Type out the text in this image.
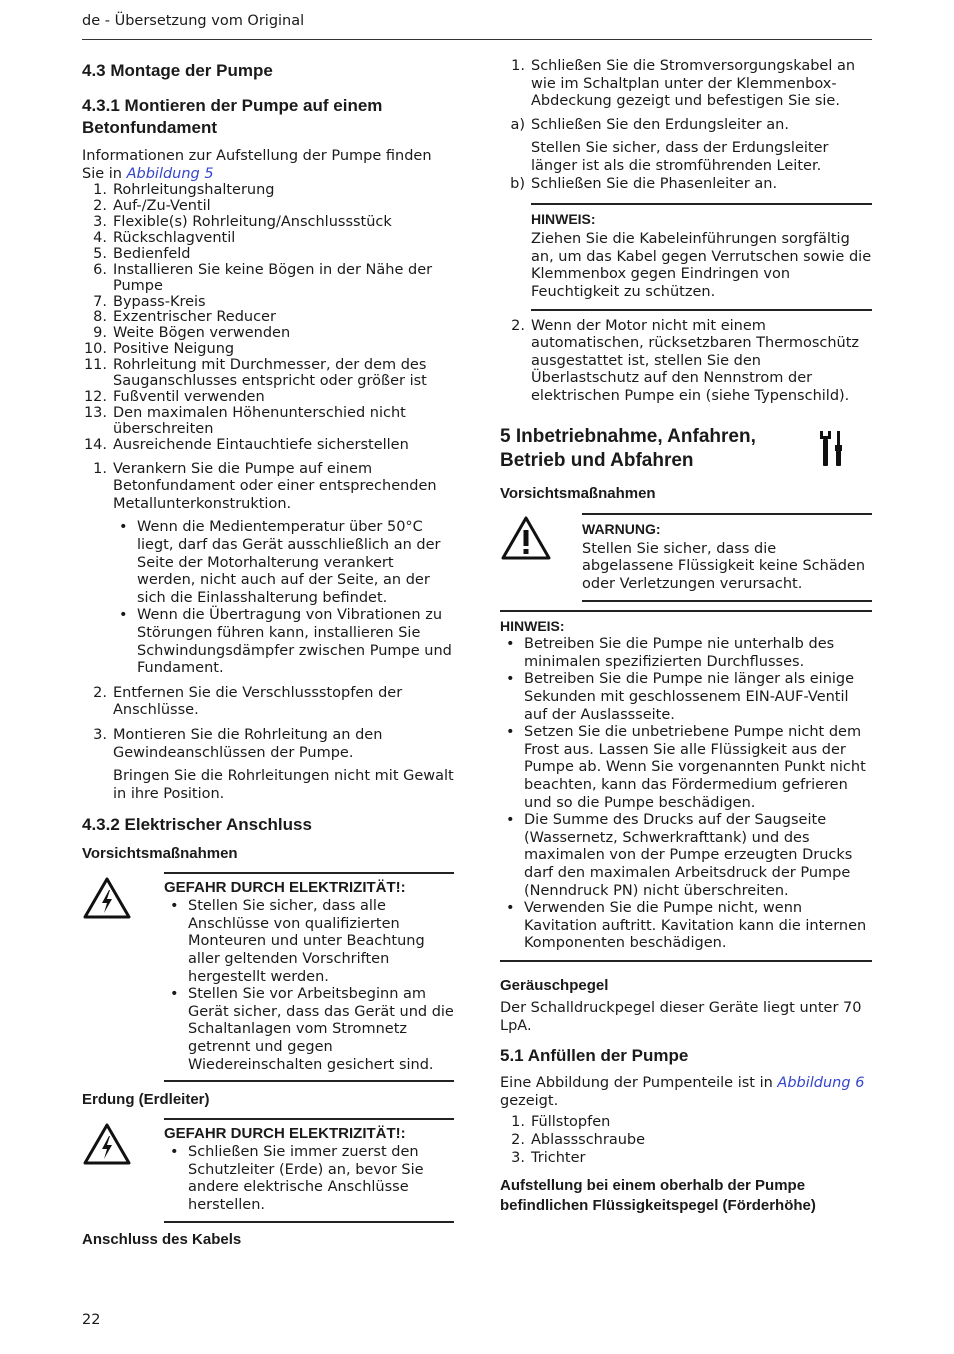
de - Übersetzung vom Original
4.3 Montage der Pumpe
4.3.1 Montieren der Pumpe auf einem Betonfundament
Informationen zur Aufstellung der Pumpe finden Sie in Abbildung 5
1. Rohrleitungshalterung
2. Auf-/Zu-Ventil
3. Flexible(s) Rohrleitung/Anschlussstück
4. Rückschlagventil
5. Bedienfeld
6. Installieren Sie keine Bögen in der Nähe der Pumpe
7. Bypass-Kreis
8. Exzentrischer Reducer
9. Weite Bögen verwenden
10. Positive Neigung
11. Rohrleitung mit Durchmesser, der dem des Sauganschlusses entspricht oder größer ist
12. Fußventil verwenden
13. Den maximalen Höhenunterschied nicht überschreiten
14. Ausreichende Eintauchtiefe sicherstellen
1. Verankern Sie die Pumpe auf einem Betonfundament oder einer entsprechenden Metallunterkonstruktion.
• Wenn die Medientemperatur über 50°C liegt, darf das Gerät ausschließlich an der Seite der Motorhalterung verankert werden, nicht auch auf der Seite, an der sich die Einlasshalterung befindet.
• Wenn die Übertragung von Vibrationen zu Störungen führen kann, installieren Sie Schwindungsdämpfer zwischen Pumpe und Fundament.
2. Entfernen Sie die Verschlussstopfen der Anschlüsse.
3. Montieren Sie die Rohrleitung an den Gewindeanschlüssen der Pumpe.
Bringen Sie die Rohrleitungen nicht mit Gewalt in ihre Position.
4.3.2 Elektrischer Anschluss
Vorsichtsmaßnahmen
GEFAHR DURCH ELEKTRIZITÄT!:
• Stellen Sie sicher, dass alle Anschlüsse von qualifizierten Monteuren und unter Beachtung aller geltenden Vorschriften hergestellt werden.
• Stellen Sie vor Arbeitsbeginn am Gerät sicher, dass das Gerät und die Schaltanlagen vom Stromnetz getrennt und gegen Wiedereinschalten gesichert sind.
Erdung (Erdleiter)
GEFAHR DURCH ELEKTRIZITÄT!:
• Schließen Sie immer zuerst den Schutzleiter (Erde) an, bevor Sie andere elektrische Anschlüsse herstellen.
Anschluss des Kabels
1. Schließen Sie die Stromversorgungskabel an wie im Schaltplan unter der Klemmenbox-Abdeckung gezeigt und befestigen Sie sie.
a) Schließen Sie den Erdungsleiter an.
Stellen Sie sicher, dass der Erdungsleiter länger ist als die stromführenden Leiter.
b) Schließen Sie die Phasenleiter an.
HINWEIS:
Ziehen Sie die Kabeleinführungen sorgfältig an, um das Kabel gegen Verrutschen sowie die Klemmenbox gegen Eindringen von Feuchtigkeit zu schützen.
2. Wenn der Motor nicht mit einem automatischen, rücksetzbaren Thermoschütz ausgestattet ist, stellen Sie den Überlastschutz auf den Nennstrom der elektrischen Pumpe ein (siehe Typenschild).
5 Inbetriebnahme, Anfahren, Betrieb und Abfahren
Vorsichtsmaßnahmen
WARNUNG:
Stellen Sie sicher, dass die abgelassene Flüssigkeit keine Schäden oder Verletzungen verursacht.
HINWEIS:
• Betreiben Sie die Pumpe nie unterhalb des minimalen spezifizierten Durchflusses.
• Betreiben Sie die Pumpe nie länger als einige Sekunden mit geschlossenem EIN-AUF-Ventil auf der Auslassseite.
• Setzen Sie die unbetriebene Pumpe nicht dem Frost aus. Lassen Sie alle Flüssigkeit aus der Pumpe ab. Wenn Sie vorgenannten Punkt nicht beachten, kann das Fördermedium gefrieren und so die Pumpe beschädigen.
• Die Summe des Drucks auf der Saugseite (Wassernetz, Schwerkrafttank) und des maximalen von der Pumpe erzeugten Drucks darf den maximalen Arbeitsdruck der Pumpe (Nenndruck PN) nicht überschreiten.
• Verwenden Sie die Pumpe nicht, wenn Kavitation auftritt. Kavitation kann die internen Komponenten beschädigen.
Geräuschpegel
Der Schalldruckpegel dieser Geräte liegt unter 70 LpA.
5.1 Anfüllen der Pumpe
Eine Abbildung der Pumpenteile ist in Abbildung 6 gezeigt.
1. Füllstopfen
2. Ablassschraube
3. Trichter
Aufstellung bei einem oberhalb der Pumpe befindlichen Flüssigkeitspegel (Förderhöhe)
22
